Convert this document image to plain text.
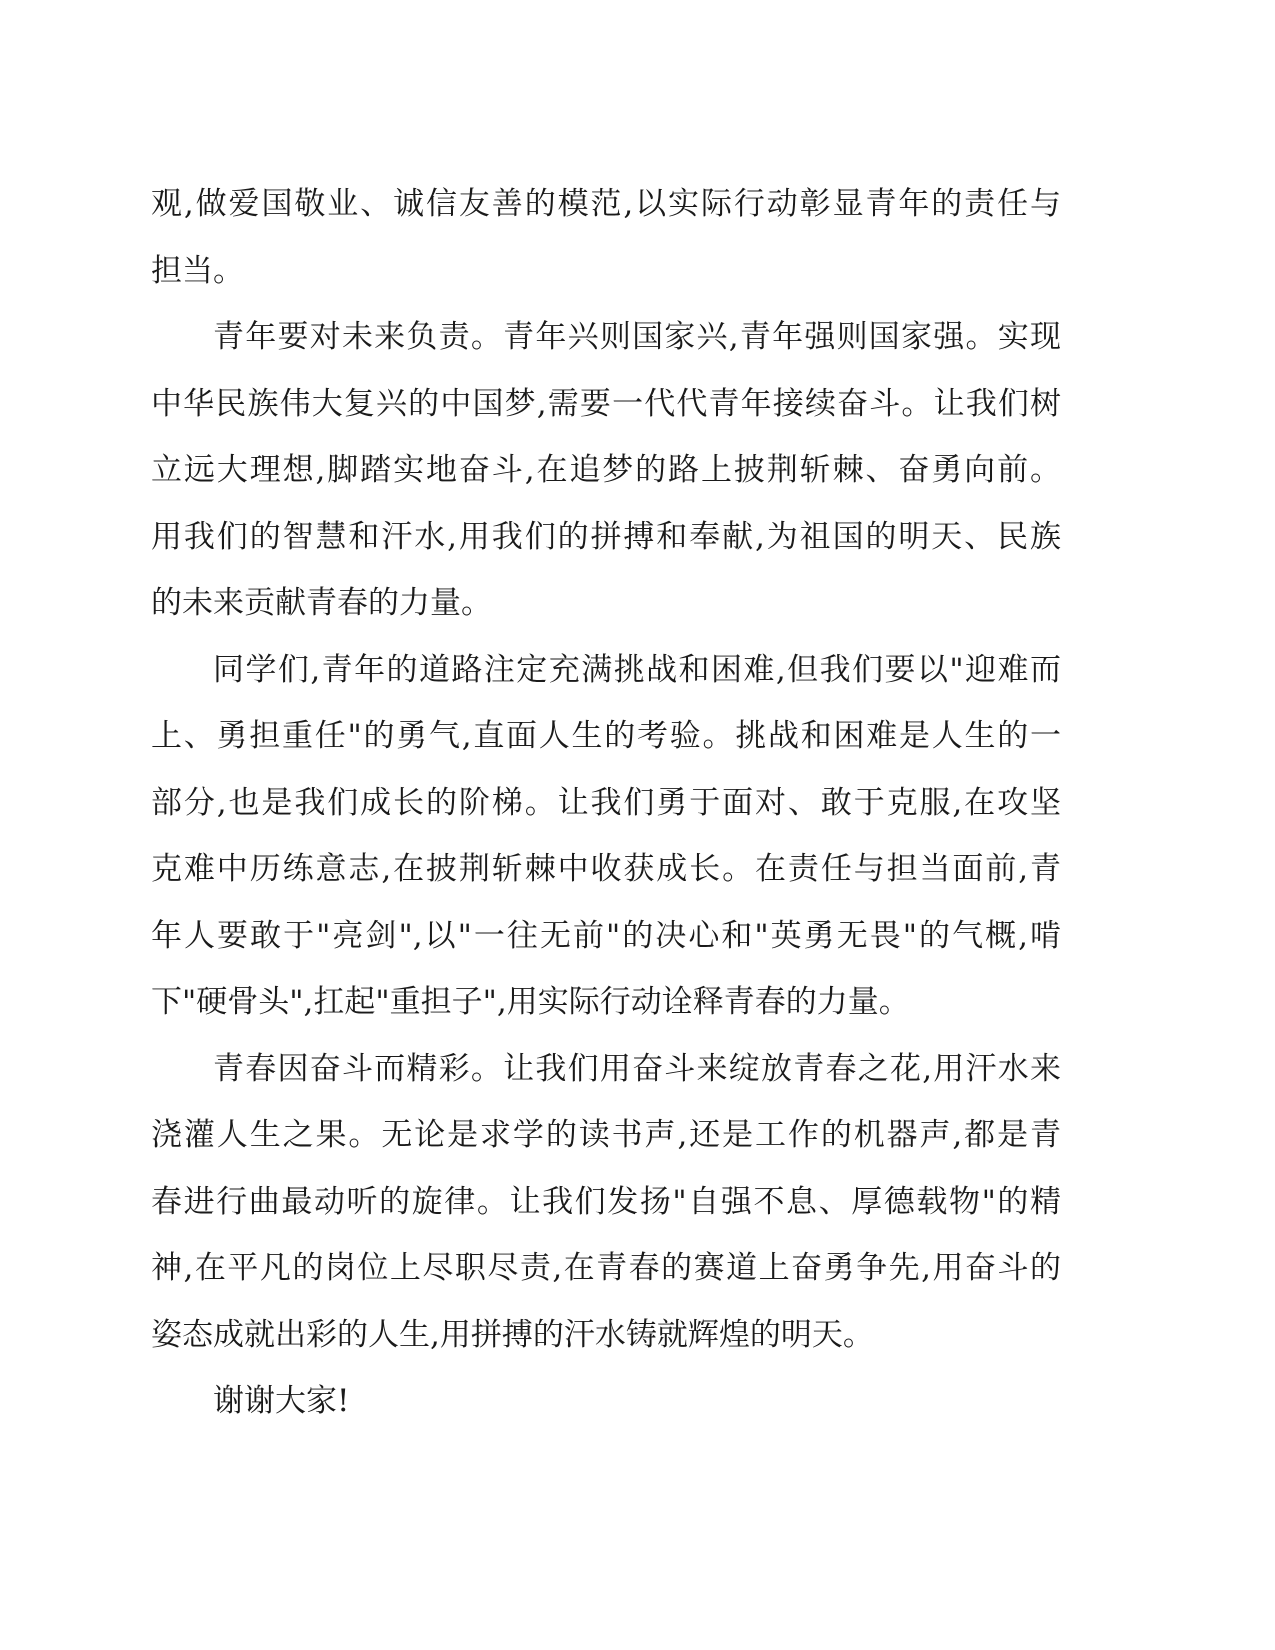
观,做爱国敬业、诚信友善的模范,以实际行动彰显青年的责任与
担当。
青年要对未来负责。青年兴则国家兴,青年强则国家强。实现
中华民族伟大复兴的中国梦,需要一代代青年接续奋斗。让我们树
立远大理想,脚踏实地奋斗,在追梦的路上披荆斩棘、奋勇向前。
用我们的智慧和汗水,用我们的拼搏和奉献,为祖国的明天、民族
的未来贡献青春的力量。
同学们,青年的道路注定充满挑战和困难,但我们要以"迎难而
上、勇担重任"的勇气,直面人生的考验。挑战和困难是人生的一
部分,也是我们成长的阶梯。让我们勇于面对、敢于克服,在攻坚
克难中历练意志,在披荆斩棘中收获成长。在责任与担当面前,青
年人要敢于"亮剑",以"一往无前"的决心和"英勇无畏"的气概,啃
下"硬骨头",扛起"重担子",用实际行动诠释青春的力量。
青春因奋斗而精彩。让我们用奋斗来绽放青春之花,用汗水来
浇灌人生之果。无论是求学的读书声,还是工作的机器声,都是青
春进行曲最动听的旋律。让我们发扬"自强不息、厚德载物"的精
神,在平凡的岗位上尽职尽责,在青春的赛道上奋勇争先,用奋斗的
姿态成就出彩的人生,用拼搏的汗水铸就辉煌的明天。
谢谢大家!
